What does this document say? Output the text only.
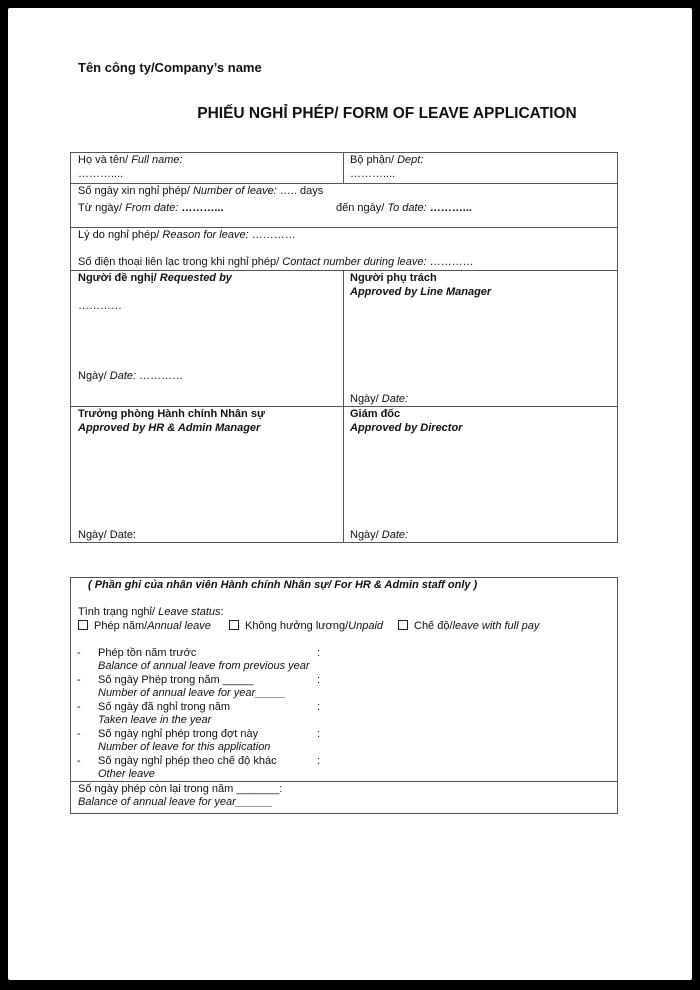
Tên công ty/Company’s name
PHIẾU NGHỈ PHÉP/ FORM OF LEAVE APPLICATION
Họ và tên/ Full name:
………....
Bộ phận/ Dept:
………....
Số ngày xin nghỉ phép/ Number of leave: ….. days
Từ ngày/ From date: ………...	đến ngày/ To date: ………...
Lý do nghỉ phép/ Reason for leave: …………
Số điện thoại liên lạc trong khi nghỉ phép/ Contact number during leave: …………
Người đề nghị/ Requested by
…………
Ngày/ Date: …………
Người phụ trách
Approved by Line Manager
Ngày/ Date:
Trưởng phòng Hành chính Nhân sự
Approved by HR & Admin Manager
Ngày/ Date:
Giám đốc
Approved by Director
Ngày/ Date:
( Phần ghi của nhân viên Hành chính Nhân sự/ For HR & Admin staff only )
Tình trạng nghỉ/ Leave status:
Phép năm/Annual leave	Không hưởng lương/Unpaid	Chế độ/leave with full pay
- Phép tồn năm trước	:
Balance of annual leave from previous year
- Số ngày Phép trong năm _____	:
Number of annual leave for year_____
- Số ngày đã nghỉ trong năm	:
Taken leave in the year
- Số ngày nghỉ phép trong đợt này	:
Number of leave for this application
- Số ngày nghỉ phép theo chế độ khác	:
Other leave
Số ngày phép còn lại trong năm _______:
Balance of annual leave for year______
